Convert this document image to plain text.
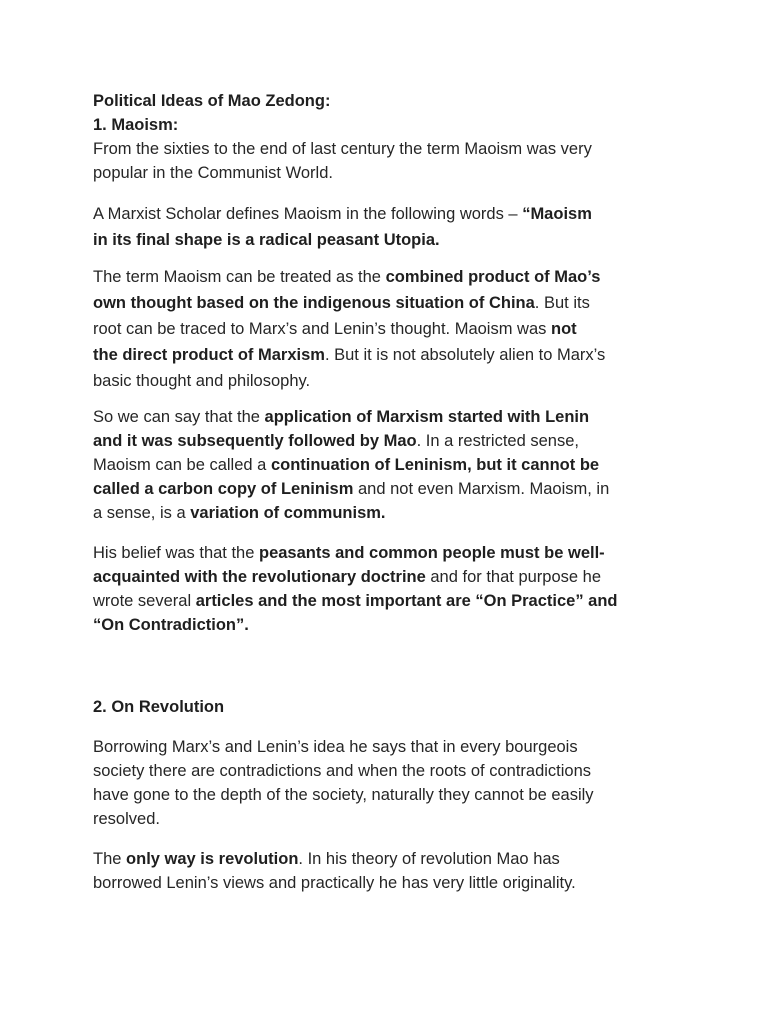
Political Ideas of Mao Zedong:

1. Maoism:

From the sixties to the end of last century the term Maoism was very

popular in the Communist World.

A Marxist Scholar defines Maoism in the following words – “Maoism

in its final shape is a radical peasant Utopia.

The term Maoism can be treated as the combined product of Mao’s

own thought based on the indigenous situation of China. But its

root can be traced to Marx’s and Lenin’s thought. Maoism was not

the direct product of Marxism. But it is not absolutely alien to Marx’s

basic thought and philosophy.

So we can say that the application of Marxism started with Lenin

and it was subsequently followed by Mao. In a restricted sense,

Maoism can be called a continuation of Leninism, but it cannot be

called a carbon copy of Leninism and not even Marxism. Maoism, in

a sense, is a variation of communism.

His belief was that the peasants and common people must be well-

acquainted with the revolutionary doctrine and for that purpose he

wrote several articles and the most important are “On Practice” and

“On Contradiction”.

2. On Revolution

Borrowing Marx’s and Lenin’s idea he says that in every bourgeois

society there are contradictions and when the roots of contradictions

have gone to the depth of the society, naturally they cannot be easily

resolved.

The only way is revolution. In his theory of revolution Mao has

borrowed Lenin’s views and practically he has very little originality.
